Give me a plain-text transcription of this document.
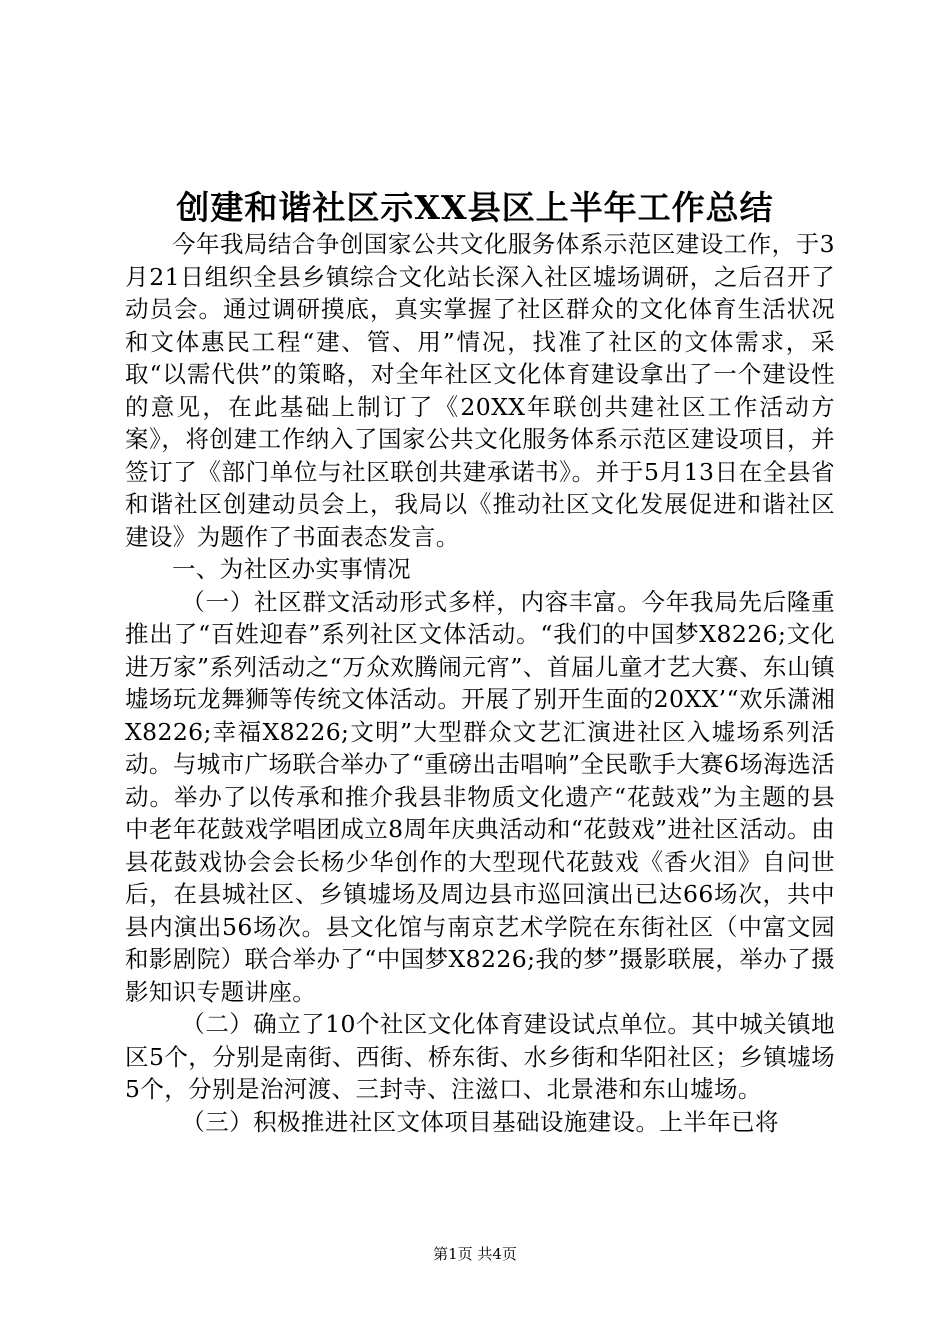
创建和谐社区示XX县区上半年工作总结

今年我局结合争创国家公共文化服务体系示范区建设工作，于3月21日组织全县乡镇综合文化站长深入社区墟场调研，之后召开了动员会。通过调研摸底，真实掌握了社区群众的文化体育生活状况和文体惠民工程“建、管、用”情况，找准了社区的文体需求，采取“以需代供”的策略，对全年社区文化体育建设拿出了一个建设性的意见，在此基础上制订了《20XX年联创共建社区工作活动方案》，将创建工作纳入了国家公共文化服务体系示范区建设项目，并签订了《部门单位与社区联创共建承诺书》。并于5月13日在全县省和谐社区创建动员会上，我局以《推动社区文化发展促进和谐社区建设》为题作了书面表态发言。

一、为社区办实事情况

（一）社区群文活动形式多样，内容丰富。今年我局先后隆重推出了“百姓迎春”系列社区文体活动。“我们的中国梦X8226;文化进万家”系列活动之“万众欢腾闹元宵”、首届儿童才艺大赛、东山镇墟场玩龙舞狮等传统文体活动。开展了别开生面的20XX’“欢乐潇湘X8226;幸福X8226;文明”大型群众文艺汇演进社区入墟场系列活动。与城市广场联合举办了“重磅出击唱响”全民歌手大赛6场海选活动。举办了以传承和推介我县非物质文化遗产“花鼓戏”为主题的县中老年花鼓戏学唱团成立8周年庆典活动和“花鼓戏”进社区活动。由县花鼓戏协会会长杨少华创作的大型现代花鼓戏《香火泪》自问世后，在县城社区、乡镇墟场及周边县市巡回演出已达66场次，共中县内演出56场次。县文化馆与南京艺术学院在东街社区（中富文园和影剧院）联合举办了“中国梦X8226;我的梦”摄影联展，举办了摄影知识专题讲座。

（二）确立了10个社区文化体育建设试点单位。其中城关镇地区5个，分别是南街、西街、桥东街、水乡街和华阳社区；乡镇墟场5个，分别是治河渡、三封寺、注滋口、北景港和东山墟场。

（三）积极推进社区文体项目基础设施建设。上半年已将

第1页 共4页
